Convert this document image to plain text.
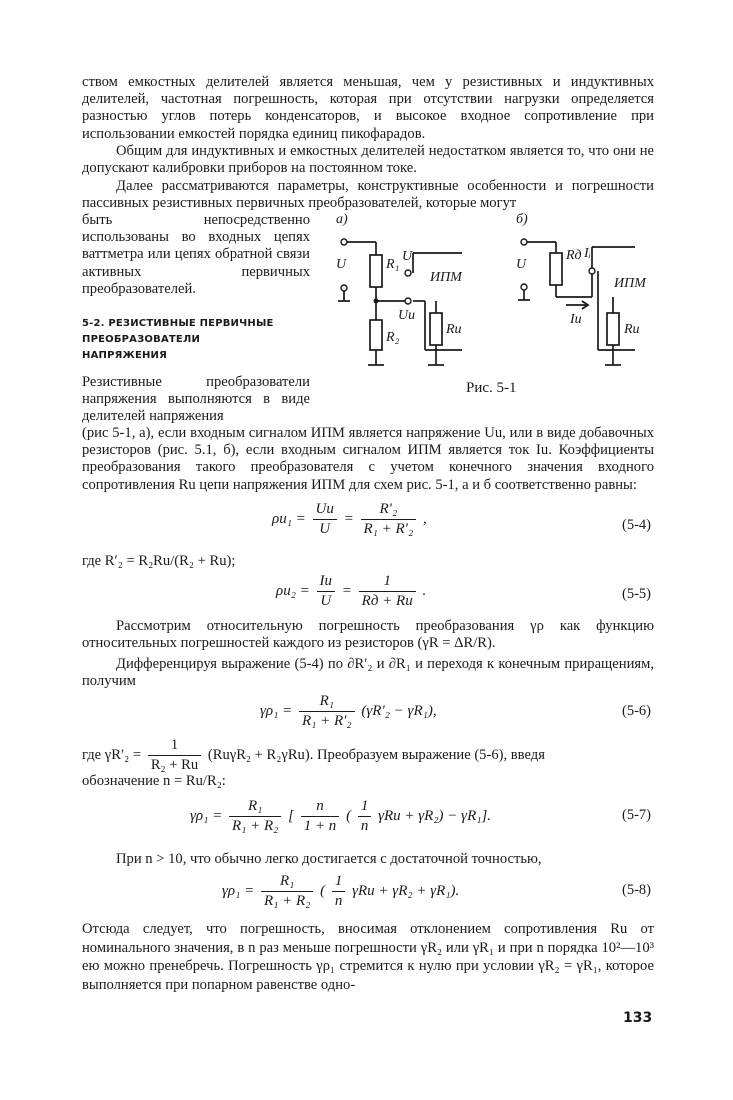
ством емкостных делителей является меньшая, чем у резистивных и индуктивных делителей, частотная погрешность, которая при отсутствии нагрузки определяется разностью углов потерь конденсаторов, и высокое входное сопротивление при использовании емкостей порядка единиц пикофарадов.

Общим для индуктивных и емкостных делителей недостатком является то, что они не допускают калибровки приборов на постоянном токе.

Далее рассматриваются параметры, конструктивные особенности и погрешности пассивных резистивных первичных преобразователей, которые могут

быть непосредственно использованы во входных цепях ваттметра или цепях обратной связи активных первичных преобразователей.

5-2. РЕЗИСТИВНЫЕ ПЕРВИЧНЫЕ
ПРЕОБРАЗОВАТЕЛИ
НАПРЯЖЕНИЯ
а)
U	R₁
Uᵢ
ИПМ
Uu
R₂
Ru
б)
U
Rд Iᵢ
ИПМ
Iu
Ru
Рис. 5-1

Резистивные преобразователи напряжения выполняются в виде делителей напряжения

(рис 5-1, а), если входным сигналом ИПМ является напряжение Uu, или в виде добавочных резисторов (рис. 5.1, б), если входным сигналом ИПМ является ток Iu. Коэффициенты преобразования такого преобразователя с учетом конечного значения входного сопротивления Ru цепи напряжения ИПМ для схем рис. 5-1, а и б соответственно равны:

$\rho u_1 = \frac{Uu}{U} = \frac{\text{R′₂}}{\text{R₁ + R′₂}}$ ,	(5-4)

где R′₂ = R₂Ru/(R₂ + Ru);

$\rho u_2 = \frac{Iu}{U} = \frac{1}{Rд + Ru}$ .	(5-5)

Рассмотрим относительную погрешность преобразования γρ как функцию относительных погрешностей каждого из резисторов (γR = ΔR/R).

Дифференцируя выражение (5-4) по ∂R′₂ и ∂R₁ и переходя к конечным приращениям, получим

$\gamma\rho_1 = \frac{\text{R₁}}{\text{R₁ + R′₂}} (\gamma R'_2 - \gamma R_1)$,	(5-6)
где $\gamma R'_2 = \frac{1}{\text{R₂ + Ru}} (Ru\gamma R_2 + R_2\gamma Ru)$. Преобразуем выражение (5-6), введя

обозначение n = Ru/R₂:

$\gamma\rho_1 = \frac{\text{R₁}}{\text{R₁ + R₂}}$ [ $\frac{n}{1 + n}$ ( $\frac{1}{n}$ γRu + γR₂) − γR₁].	(5-7)

При n > 10, что обычно легко достигается с достаточной точностью,

$\gamma\rho_1 = \frac{\text{R₁}}{\text{R₁ + R₂}}$ ( $\frac{1}{n}$ γRu + γR₂ + γR₁).	(5-8)

Отсюда следует, что погрешность, вносимая отклонением сопротивления Ru от номинального значения, в n раз меньше погрешности γR₂ или γR₁ и при n порядка 10²—10³ ею можно пренебречь. Погрешность γρ₁ стремится к нулю при условии γR₂ = γR₁, которое выполняется при попарном равенстве одно-

133
